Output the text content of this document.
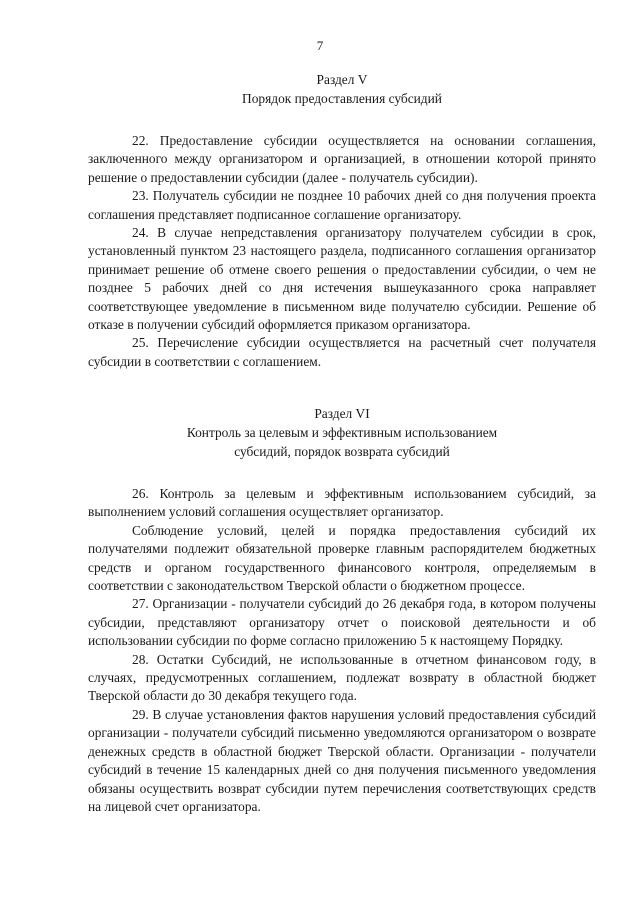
7
Раздел V
Порядок предоставления субсидий

22. Предоставление субсидии осуществляется на основании соглашения, заключенного между организатором и организацией, в отношении которой принято решение о предоставлении субсидии (далее - получатель субсидии).

23. Получатель субсидии не позднее 10 рабочих дней со дня получения проекта соглашения представляет подписанное соглашение организатору.

24. В случае непредставления организатору получателем субсидии в срок, установленный пунктом 23 настоящего раздела, подписанного соглашения организатор принимает решение об отмене своего решения о предоставлении субсидии, о чем не позднее 5 рабочих дней со дня истечения вышеуказанного срока направляет соответствующее уведомление в письменном виде получателю субсидии. Решение об отказе в получении субсидий оформляется приказом организатора.

25. Перечисление субсидии осуществляется на расчетный счет получателя субсидии в соответствии с соглашением.

Раздел VI
Контроль за целевым и эффективным использованием
субсидий, порядок возврата субсидий

26. Контроль за целевым и эффективным использованием субсидий, за выполнением условий соглашения осуществляет организатор.

Соблюдение условий, целей и порядка предоставления субсидий их получателями подлежит обязательной проверке главным распорядителем бюджетных средств и органом государственного финансового контроля, определяемым в соответствии с законодательством Тверской области о бюджетном процессе.

27. Организации - получатели субсидий до 26 декабря года, в котором получены субсидии, представляют организатору отчет о поисковой деятельности и об использовании субсидии по форме согласно приложению 5 к настоящему Порядку.

28. Остатки Субсидий, не использованные в отчетном финансовом году, в случаях, предусмотренных соглашением, подлежат возврату в областной бюджет Тверской области до 30 декабря текущего года.

29. В случае установления фактов нарушения условий предоставления субсидий организации - получатели субсидий письменно уведомляются организатором о возврате денежных средств в областной бюджет Тверской области. Организации - получатели субсидий в течение 15 календарных дней со дня получения письменного уведомления обязаны осуществить возврат субсидии путем перечисления соответствующих средств на лицевой счет организатора.
